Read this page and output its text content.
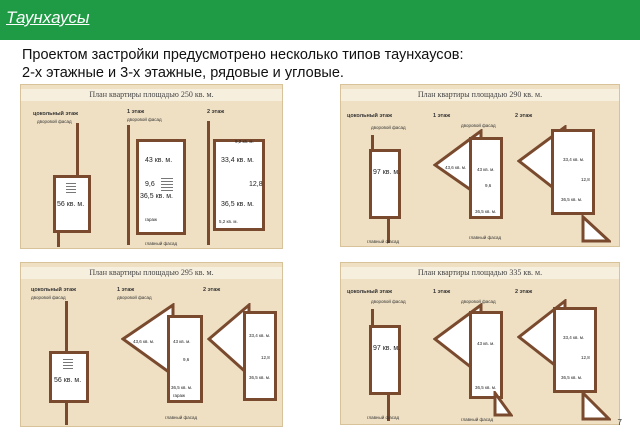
Таунхаусы
Проектом застройки предусмотрено несколько типов таунхаусов:
2-х этажные и 3-х этажные, рядовые и угловые.
План квартиры площадью 250 кв. м.
цокольный этаж	1 этаж	2 этаж
дворовой фасад	дворовой фасад
56 кв. м.
43 кв. м.
9,6
36,5 кв. м.
гараж
главный фасад
9,2 кв. м.
33,4 кв. м.
12,8
36,5 кв. м.
5,2 кв. м.
План квартиры площадью 290 кв. м.
цокольный этаж	1 этаж	2 этаж
дворовой фасад	дворовой фасад
97 кв. м.
главный фасад
43,6 кв. м. 43 кв. м.
9,6
36,5 кв. м.
главный фасад
33,4 кв. м.
12,8
36,5 кв. м.
План квартиры площадью 295 кв. м.
цокольный этаж	1 этаж	2 этаж
дворовой фасад	дворовой фасад
56 кв. м.
43,6 кв. м.	43 кв. м.
9,6
36,5 кв. м.
гараж
главный фасад
33,4 кв. м.
12,8
36,5 кв. м.
План квартиры площадью 335 кв. м.
цокольный этаж	1 этаж	2 этаж
дворовой фасад	дворовой фасад
97 кв. м.
главный фасад
43 кв. м.
36,5 кв. м.
главный фасад
33,4 кв. м.
12,8
36,5 кв. м.
7
